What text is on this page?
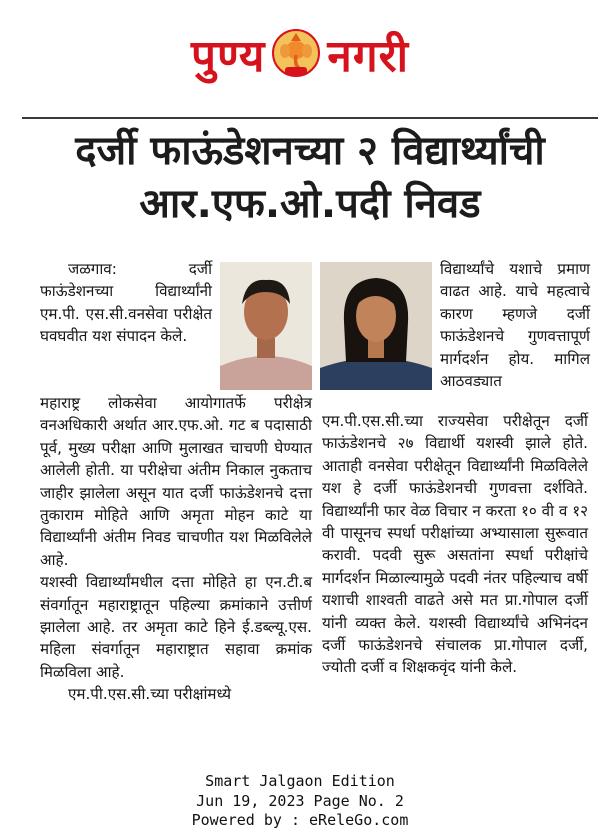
पुण्य नगरी
दर्जी फाऊंडेशनच्या २ विद्यार्थ्यांची
आर.एफ.ओ.पदी निवड

जळगाव: दर्जी फाऊंडेशनच्या विद्यार्थ्यांनी एम.पी. एस.सी.वनसेवा परीक्षेत घवघवीत यश संपादन केले.

विद्यार्थ्यांचे यशाचे प्रमाण वाढत आहे. याचे महत्वाचे कारण म्हणजे दर्जी फाऊंडेशनचे गुणवत्तापूर्ण मार्गदर्शन होय. मागिल आठवड्यात

महाराष्ट्र लोकसेवा आयोगातर्फे परीक्षेत्र वनअधिकारी अर्थात आर.एफ.ओ. गट ब पदासाठी पूर्व, मुख्य परीक्षा आणि मुलाखत चाचणी घेण्यात आलेली होती. या परीक्षेचा अंतीम निकाल नुकताच जाहीर झालेला असून यात दर्जी फाऊंडेशनचे दत्ता तुकाराम मोहिते आणि अमृता मोहन काटे या विद्यार्थ्यांनी अंतीम निवड चाचणीत यश मिळविलेले आहे.

यशस्वी विद्यार्थ्यांमधील दत्ता मोहिते हा एन.टी.ब संवर्गातून महाराष्ट्रातून पहिल्या क्रमांकाने उत्तीर्ण झालेला आहे. तर अमृता काटे हिने ई.डब्ल्यू.एस. महिला संवर्गातून महाराष्ट्रात सहावा क्रमांक मिळविला आहे.

एम.पी.एस.सी.च्या परीक्षांमध्ये

एम.पी.एस.सी.च्या राज्यसेवा परीक्षेतून दर्जी फाऊंडेशनचे २७ विद्यार्थी यशस्वी झाले होते. आताही वनसेवा परीक्षेतून विद्यार्थ्यांनी मिळविलेले यश हे दर्जी फाऊंडेशनची गुणवत्ता दर्शविते. विद्यार्थ्यांनी फार वेळ विचार न करता १० वी व १२ वी पासूनच स्पर्धा परीक्षांच्या अभ्यासाला सुरूवात करावी. पदवी सुरू असतांना स्पर्धा परीक्षांचे मार्गदर्शन मिळाल्यामुळे पदवी नंतर पहिल्याच वर्षी यशाची शाश्वती वाढते असे मत प्रा.गोपाल दर्जी यांनी व्यक्त केले. यशस्वी विद्यार्थ्यांचे अभिनंदन दर्जी फाऊंडेशनचे संचालक प्रा.गोपाल दर्जी, ज्योती दर्जी व शिक्षकवृंद यांनी केले.

Smart Jalgaon Edition
Jun 19, 2023 Page No. 2
Powered by : eReleGo.com
